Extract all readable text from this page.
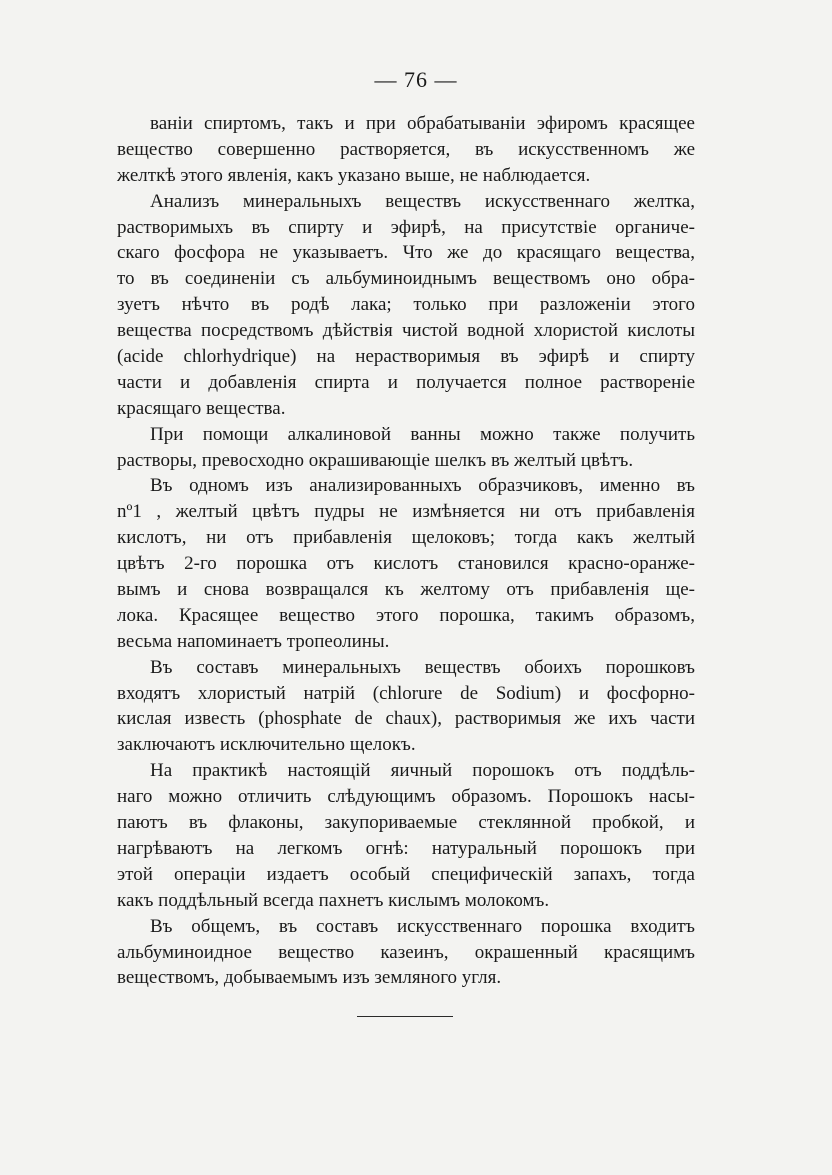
— 76 —

ванiи спиртомъ, такъ и при обрабатыванiи эфиромъ красящее
вещество совершенно растворяется, въ искусственномъ же
желткѣ этого явленiя, какъ указано выше, не наблюдается.

Анализъ минеральныхъ веществъ искусственнаго желтка,
растворимыхъ въ спирту и эфирѣ, на присутствiе органиче-
скаго фосфора не указываетъ. Что же до красящаго вещества,
то въ соединенiи съ альбуминоиднымъ веществомъ оно обра-
зуетъ нѣчто въ родѣ лака; только при разложенiи этого
вещества посредствомъ дѣйствiя чистой водной хлористой кислоты
(acide chlorhydrique) на нерастворимыя въ эфирѣ и спирту
части и добавленiя спирта и получается полное раствоpенiе
красящаго вещества.

При помощи алкалиновой ванны можно также получить
растворы, превосходно окрашивающiе шелкъ въ желтый цвѣтъ.

Въ одномъ изъ анализированныхъ образчиковъ, именно въ
nº1 , желтый цвѣтъ пудры не измѣняется ни отъ прибавленiя
кислотъ, ни отъ прибавленiя щелоковъ; тогда какъ желтый
цвѣтъ 2-го порошка отъ кислотъ становился красно-оранже-
вымъ и снова возвращался къ желтому отъ прибавленiя ще-
лока. Красящее вещество этого порошка, такимъ образомъ,
весьма напоминаетъ тропеолины.

Въ составъ минеральныхъ веществъ обоихъ порошковъ
входятъ хлористый натрiй (chlorure de Sodium) и фосфорно-
кислая известь (phosphate de chaux), растворимыя же ихъ части
заключаютъ исключительно щелокъ.

На практикѣ настоящiй яичный порошокъ отъ поддѣль-
наго можно отличить слѣдующимъ образомъ. Порошокъ насы-
паютъ въ флаконы, закупориваемые стеклянной пробкой, и
нагрѣваютъ на легкомъ огнѣ: натуральный порошокъ при
этой операцiи издаетъ особый специфическiй запахъ, тогда
какъ поддѣльный всегда пахнетъ кислымъ молокомъ.

Въ общемъ, въ составъ искусственнаго порошка входитъ
альбуминоидное вещество казеинъ, окрашенный красящимъ
веществомъ, добываемымъ изъ земляного угля.
